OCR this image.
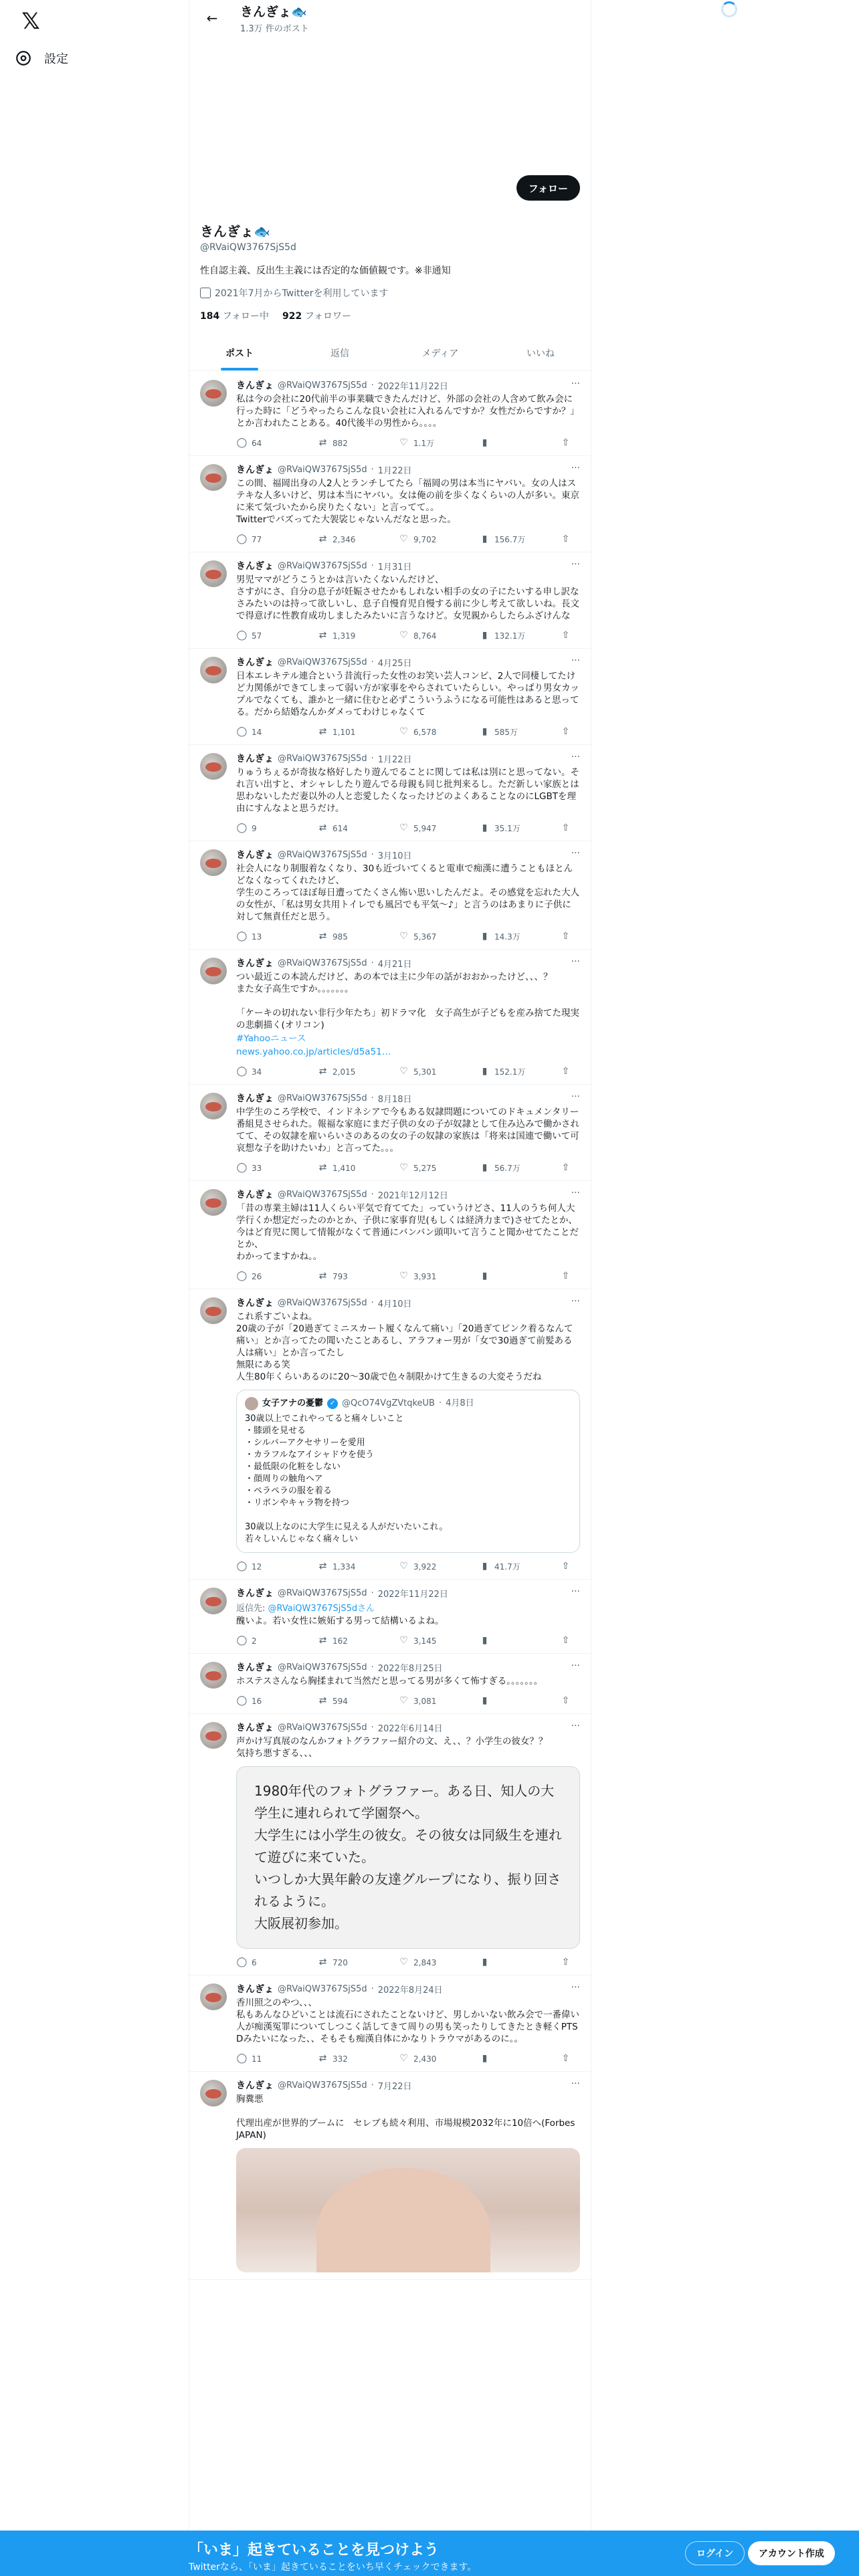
𝕏
設定
←	きんぎょ🐟
1.3万 件のポスト
フォロー
きんぎょ🐟
@RVaiQW3767SjS5d
性自認主義、反出生主義には否定的な価値観です。※非通知
2021年7月からTwitterを利用しています
184 フォロー中 922 フォロワー
ポスト	返信	メディア	いいね
···
きんぎょ @RVaiQW3767SjS5d · 2022年11月22日
私は今の会社に20代前半の事業職できたんだけど、外部の会社の人含めて飲み会に行った時に「どうやったらこんな良い会社に入れるんですか？女性だからですか？」とか言われたことある。40代後半の男性から。。。。
◯ 64	⇄ 882	♡ 1.1万	▮	⇧
···
きんぎょ @RVaiQW3767SjS5d · 1月22日
この間、福岡出身の人2人とランチしてたら「福岡の男は本当にヤバい。女の人はステキな人多いけど、男は本当にヤバい。女は俺の前を歩くなくらいの人が多い。東京に来て気づいたから戻りたくない」と言ってて。。
Twitterでバズってた大袈裟じゃないんだなと思った。
◯ 77	⇄ 2,346	♡ 9,702	▮ 156.7万	⇧
···
きんぎょ @RVaiQW3767SjS5d · 1月31日
男児ママがどうこうとかは言いたくないんだけど、
さすがにさ、自分の息子が妊娠させたかもしれない相手の女の子にたいする申し訳なさみたいのは持って欲しいし、息子自慢育児自慢する前に少し考えて欲しいね。長文で得意げに性教育成功しましたみたいに言うなけど。女児親からしたらふざけんな
◯ 57	⇄ 1,319	♡ 8,764	▮ 132.1万	⇧
···
きんぎょ @RVaiQW3767SjS5d · 4月25日
日本エレキテル連合という昔流行った女性のお笑い芸人コンビ、2人で同棲してたけど力関係ができてしまって弱い方が家事をやらされていたらしい。やっぱり男女カップルでなくても、誰かと一緒に住むと必ずこういうふうになる可能性はあると思ってる。だから結婚なんかダメってわけじゃなくて
◯ 14	⇄ 1,101	♡ 6,578	▮ 585万	⇧
···
きんぎょ @RVaiQW3767SjS5d · 1月22日
りゅうちぇるが奇抜な格好したり遊んでることに関しては私は別にと思ってない。それ言い出すと、オシャレしたり遊んでる母親も同じ批判来るし。ただ新しい家族とは思わないしただ妻以外の人と恋愛したくなったけどのよくあることなのにLGBTを理由にすんなよと思うだけ。
◯ 9	⇄ 614	♡ 5,947	▮ 35.1万	⇧
···
きんぎょ @RVaiQW3767SjS5d · 3月10日
社会人になり制服着なくなり、30も近づいてくると電車で痴漢に遭うこともほとんどなくなってくれたけど、
学生のころってほぼ毎日遭ってたくさん怖い思いしたんだよ。その感覚を忘れた大人の女性が、「私は男女共用トイレでも風呂でも平気〜♪」と言うのはあまりに子供に対して無責任だと思う。
◯ 13	⇄ 985	♡ 5,367	▮ 14.3万	⇧
···
きんぎょ @RVaiQW3767SjS5d · 4月21日
つい最近この本読んだけど、あの本では主に少年の話がおおかったけど、、、？
また女子高生ですか。。。。。。。

「ケーキの切れない非行少年たち」初ドラマ化　女子高生が子どもを産み捨てた現実の悲劇描く(オリコン)
#Yahooニュース
news.yahoo.co.jp/articles/d5a51…
◯ 34	⇄ 2,015	♡ 5,301	▮ 152.1万	⇧
···
きんぎょ @RVaiQW3767SjS5d · 8月18日
中学生のころ学校で、インドネシアで今もある奴隷問題についてのドキュメンタリー番組見させられた。報福な家庭にまだ子供の女の子が奴隷として住み込みで働かされてて、その奴隷を雇いらいさのあるの女の子の奴隷の家族は「将来は国連で働いて可哀想な子を助けたいわ」と言ってた。。。
◯ 33	⇄ 1,410	♡ 5,275	▮ 56.7万	⇧
···
きんぎょ @RVaiQW3767SjS5d · 2021年12月12日
「昔の専業主婦は11人くらい平気で育ててた」っていうけどさ、11人のうち何人大学行くか想定だったのかとか、子供に家事育児(もしくは経済力まで)させてたとか、今はど育児に関して情報がなくて普通にバンバン頭叩いて言うこと聞かせてたことだとか、
わかってますかね。。
◯ 26	⇄ 793	♡ 3,931	▮	⇧
···
きんぎょ @RVaiQW3767SjS5d · 4月10日
これ系すごいよね。
20歳の子が「20過ぎてミニスカート履くなんて痛い」「20過ぎてピンク着るなんて痛い」とか言ってたの聞いたことあるし、アラフォー男が「女で30過ぎて前髪ある人は痛い」とか言ってたし
無限にある笑
人生80年くらいあるのに20〜30歳で色々制限かけて生きるの大変そうだね
女子アナの憂鬱 ✓ @QcO74VgZVtqkeUB · 4月8日
30歳以上でこれやってると痛々しいこと
・膝頭を見せる
・シルバーアクセサリーを愛用
・カラフルなアイシャドウを使う
・最低限の化粧をしない
・顔周りの触角ヘア
・ペラペラの服を着る
・リボンやキャラ物を持つ

30歳以上なのに大学生に見える人がだいたいこれ。
若々しいんじゃなく痛々しい
◯ 12	⇄ 1,334	♡ 3,922	▮ 41.7万	⇧
···
きんぎょ @RVaiQW3767SjS5d · 2022年11月22日
返信先: @RVaiQW3767SjS5dさん
醜いよ。若い女性に嫉妬する男って結構いるよね。
◯ 2	⇄ 162	♡ 3,145	▮	⇧
···
きんぎょ @RVaiQW3767SjS5d · 2022年8月25日
ホステスさんなら胸揉まれて当然だと思ってる男が多くて怖すぎる。。。。。。。
◯ 16	⇄ 594	♡ 3,081	▮	⇧
···
きんぎょ @RVaiQW3767SjS5d · 2022年6月14日
声かけ写真展のなんかフォトグラファー紹介の文、え、、？小学生の彼女？？
気持ち悪すぎる、、、
1980年代のフォトグラファー。ある日、知人の大学生に連れられて学園祭へ。
大学生には小学生の彼女。その彼女は同級生を連れて遊びに来ていた。
いつしか大異年齢の友達グループになり、振り回されるように。
大阪展初参加。
◯ 6	⇄ 720	♡ 2,843	▮	⇧
···
きんぎょ @RVaiQW3767SjS5d · 2022年8月24日
香川照之のやつ、、、
私もあんなひどいことは流石にされたことないけど、男しかいない飲み会で一番偉い人が痴漢冤罪についてしつこく話してきて周りの男も笑ったりしてきたとき軽くPTSDみたいになった、、そもそも痴漢自体にかなりトラウマがあるのに。。
◯ 11	⇄ 332	♡ 2,430	▮	⇧
···
きんぎょ @RVaiQW3767SjS5d · 7月22日
胸糞悪

代理出産が世界的ブームに　セレブも続々利用、市場規模2032年に10倍へ(Forbes JAPAN)
「いま」起きていることを見つけよう
Twitterなら、「いま」起きていることをいち早くチェックできます。
ログイン	アカウント作成
